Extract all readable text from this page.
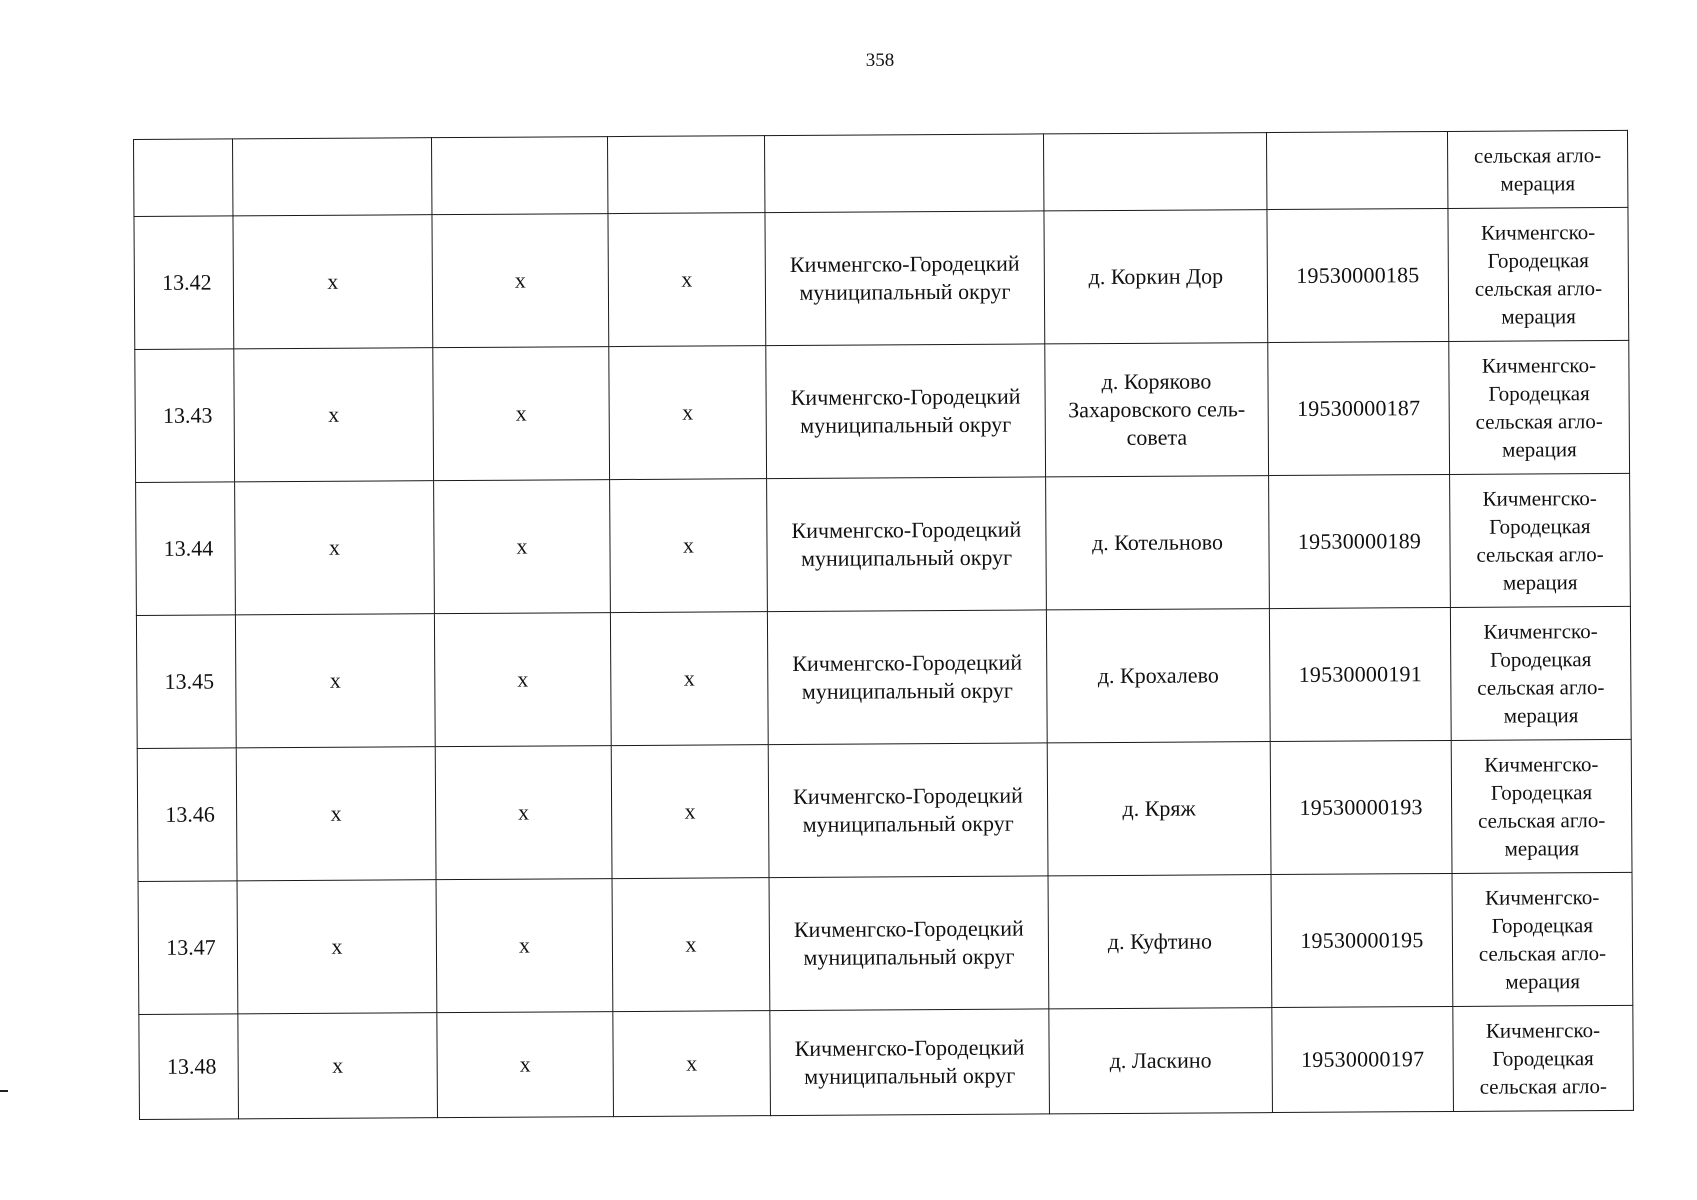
358
							сельская агло-мерация
13.42	х	х	х	Кичменгско-Городецкий муниципальный округ	д. Коркин Дор	19530000185	Кичменгско-Городецкая сельская агло-мерация
13.43	х	х	х	Кичменгско-Городецкий муниципальный округ	д. Коряково Захаровского сель-совета	19530000187	Кичменгско-Городецкая сельская агло-мерация
13.44	х	х	х	Кичменгско-Городецкий муниципальный округ	д. Котельново	19530000189	Кичменгско-Городецкая сельская агло-мерация
13.45	х	х	х	Кичменгско-Городецкий муниципальный округ	д. Крохалево	19530000191	Кичменгско-Городецкая сельская агло-мерация
13.46	х	х	х	Кичменгско-Городецкий муниципальный округ	д. Кряж	19530000193	Кичменгско-Городецкая сельская агло-мерация
13.47	х	х	х	Кичменгско-Городецкий муниципальный округ	д. Куфтино	19530000195	Кичменгско-Городецкая сельская агло-мерация
13.48	х	х	х	Кичменгско-Городецкий муниципальный округ	д. Ласкино	19530000197	Кичменгско-Городецкая сельская агло-
